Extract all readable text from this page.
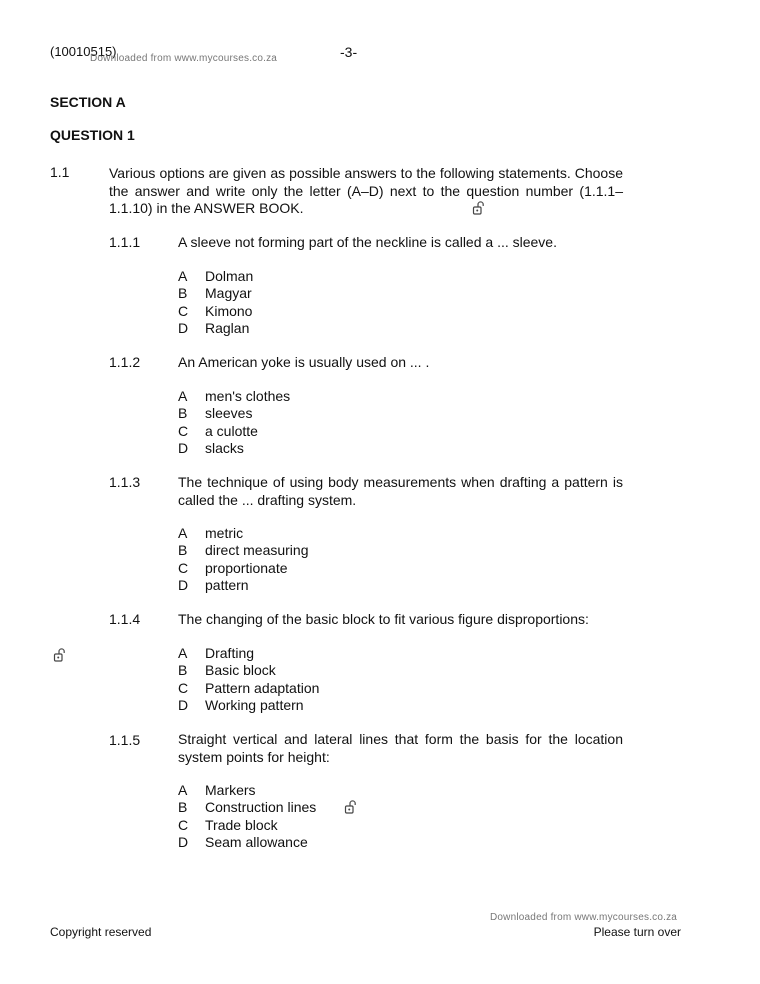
(10010515)
Downloaded from www.mycourses.co.za	-3-
SECTION A
QUESTION 1
1.1	Various options are given as possible answers to the following statements. Choose the answer and write only the letter (A–D) next to the question number (1.1.1–1.1.10) in the ANSWER BOOK.
1.1.1	A sleeve not forming part of the neckline is called a ... sleeve.
A Dolman
B Magyar
C Kimono
D Raglan
1.1.2	An American yoke is usually used on ... .
A men's clothes
B sleeves
C a culotte
D slacks
1.1.3	The technique of using body measurements when drafting a pattern is called the ... drafting system.
A metric
B direct measuring
C proportionate
D pattern
1.1.4	The changing of the basic block to fit various figure disproportions:
A Drafting
B Basic block
C Pattern adaptation
D Working pattern
1.1.5	Straight vertical and lateral lines that form the basis for the location system points for height:
A Markers
B Construction lines
C Trade block
D Seam allowance
Downloaded from www.mycourses.co.za
Copyright reserved	Please turn over
